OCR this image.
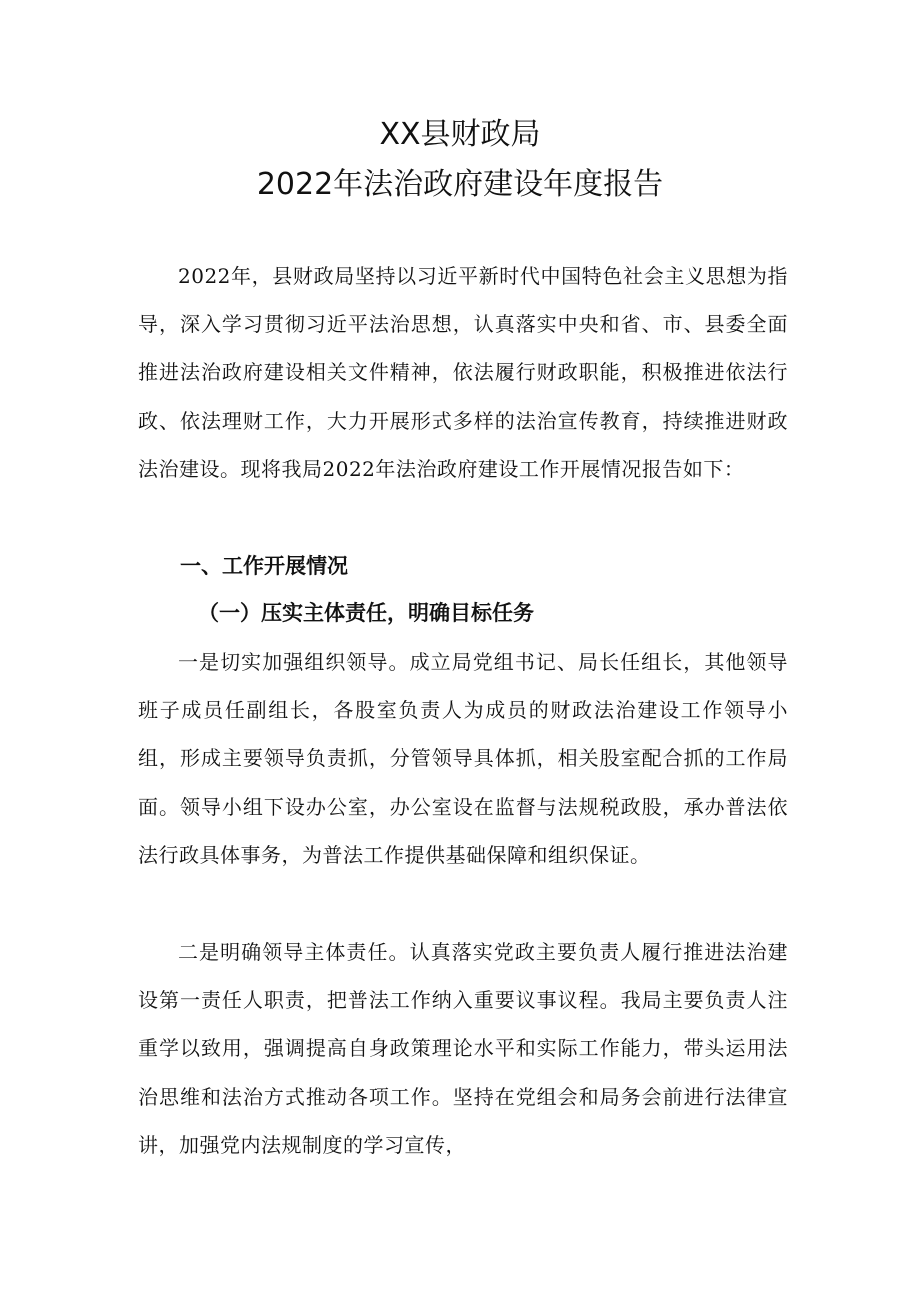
XX县财政局
2022年法治政府建设年度报告

2022年，县财政局坚持以习近平新时代中国特色社会主义思想为指导，深入学习贯彻习近平法治思想，认真落实中央和省、市、县委全面推进法治政府建设相关文件精神，依法履行财政职能，积极推进依法行政、依法理财工作，大力开展形式多样的法治宣传教育，持续推进财政法治建设。现将我局2022年法治政府建设工作开展情况报告如下：

一、工作开展情况
（一）压实主体责任，明确目标任务

一是切实加强组织领导。成立局党组书记、局长任组长，其他领导班子成员任副组长，各股室负责人为成员的财政法治建设工作领导小组，形成主要领导负责抓，分管领导具体抓，相关股室配合抓的工作局面。领导小组下设办公室，办公室设在监督与法规税政股，承办普法依法行政具体事务，为普法工作提供基础保障和组织保证。

二是明确领导主体责任。认真落实党政主要负责人履行推进法治建设第一责任人职责，把普法工作纳入重要议事议程。我局主要负责人注重学以致用，强调提高自身政策理论水平和实际工作能力，带头运用法治思维和法治方式推动各项工作。坚持在党组会和局务会前进行法律宣讲，加强党内法规制度的学习宣传，
